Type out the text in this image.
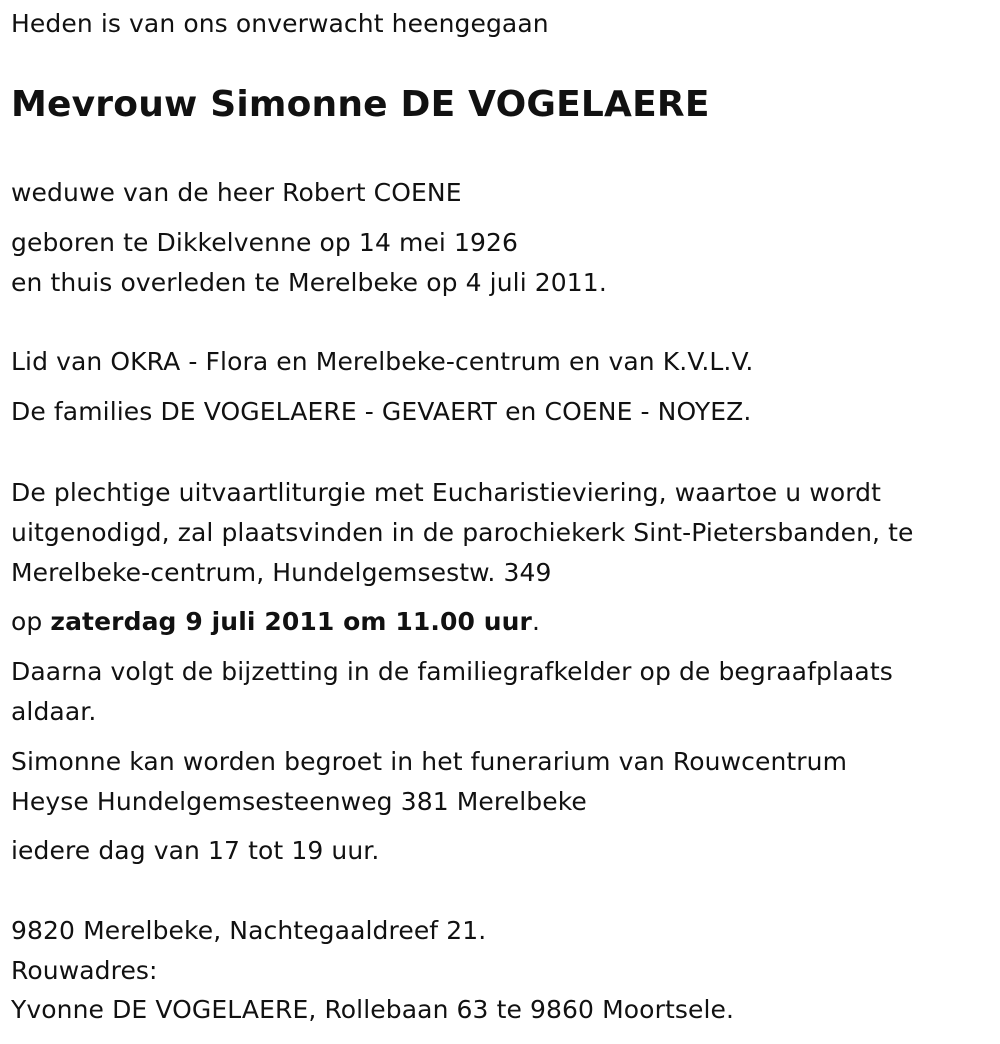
Heden is van ons onverwacht heengegaan
Mevrouw Simonne DE VOGELAERE
weduwe van de heer Robert COENE
geboren te Dikkelvenne op 14 mei 1926
en thuis overleden te Merelbeke op 4 juli 2011.
Lid van OKRA - Flora en Merelbeke-centrum en van K.V.L.V.
De families DE VOGELAERE - GEVAERT en COENE - NOYEZ.
De plechtige uitvaartliturgie met Eucharistieviering, waartoe u wordt
uitgenodigd, zal plaatsvinden in de parochiekerk Sint-Pietersbanden, te
Merelbeke-centrum, Hundelgemsestw. 349
op zaterdag 9 juli 2011 om 11.00 uur.
Daarna volgt de bijzetting in de familiegrafkelder op de begraafplaats
aldaar.
Simonne kan worden begroet in het funerarium van Rouwcentrum
Heyse Hundelgemsesteenweg 381 Merelbeke
iedere dag van 17 tot 19 uur.
9820 Merelbeke, Nachtegaaldreef 21.
Rouwadres:
Yvonne DE VOGELAERE, Rollebaan 63 te 9860 Moortsele.
